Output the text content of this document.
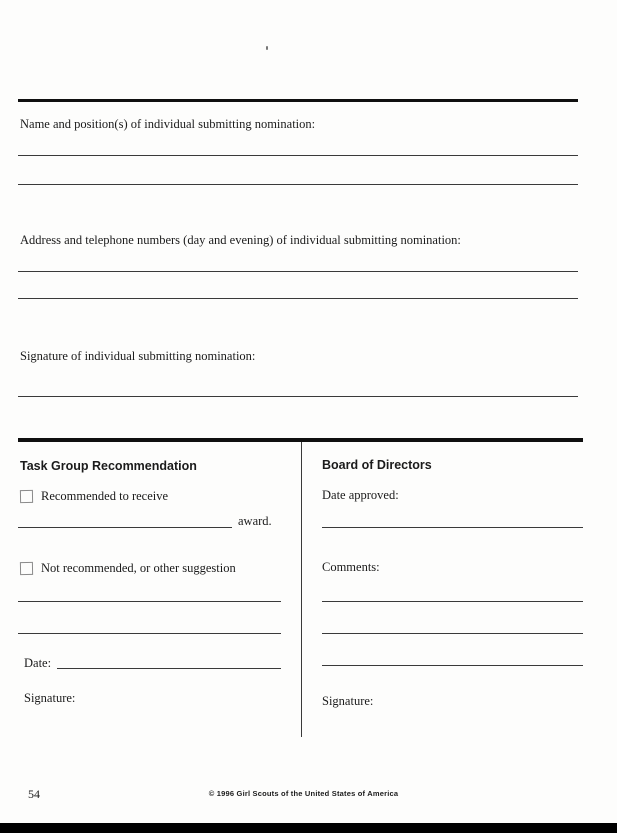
Name and position(s) of individual submitting nomination:
Address and telephone numbers (day and evening) of individual submitting nomination:
Signature of individual submitting nomination:
Task Group Recommendation
Recommended to receive
award.
Not recommended, or other suggestion
Date:
Signature:
Board of Directors
Date approved:
Comments:
Signature:
54	© 1996 Girl Scouts of the United States of America
